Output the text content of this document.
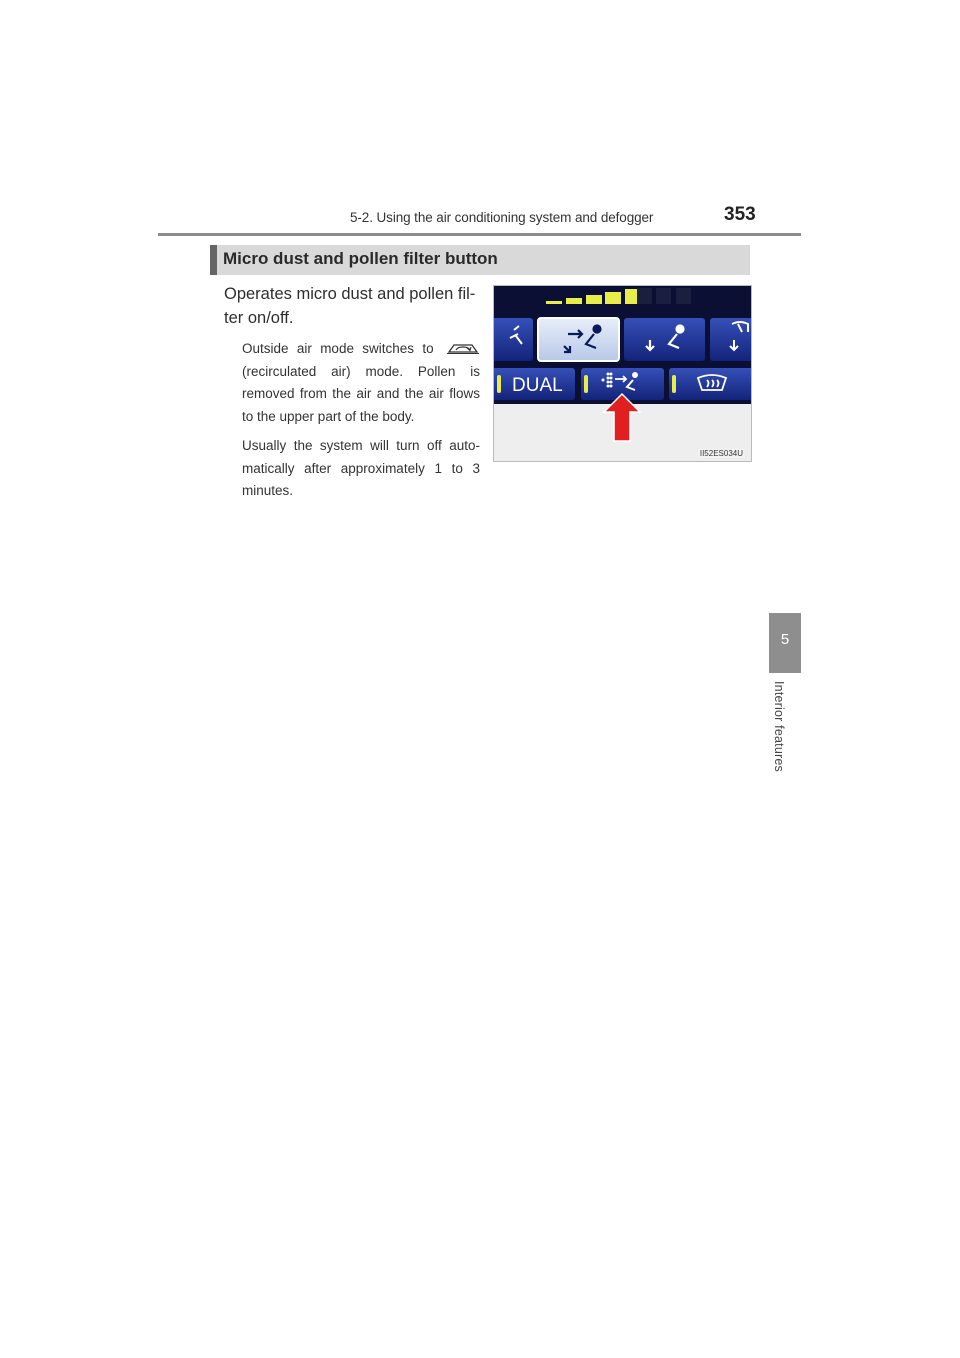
5-2. Using the air conditioning system and defogger	353
5
Interior features
Micro dust and pollen filter button
Operates micro dust and pollen fil- ter on/off.
Outside air mode switches to  (recirculated air) mode. Pollen is removed from the air and the air flows to the upper part of the body.
Usually the system will turn off auto- matically after approximately 1 to 3 minutes.
DUAL
II52ES034U
